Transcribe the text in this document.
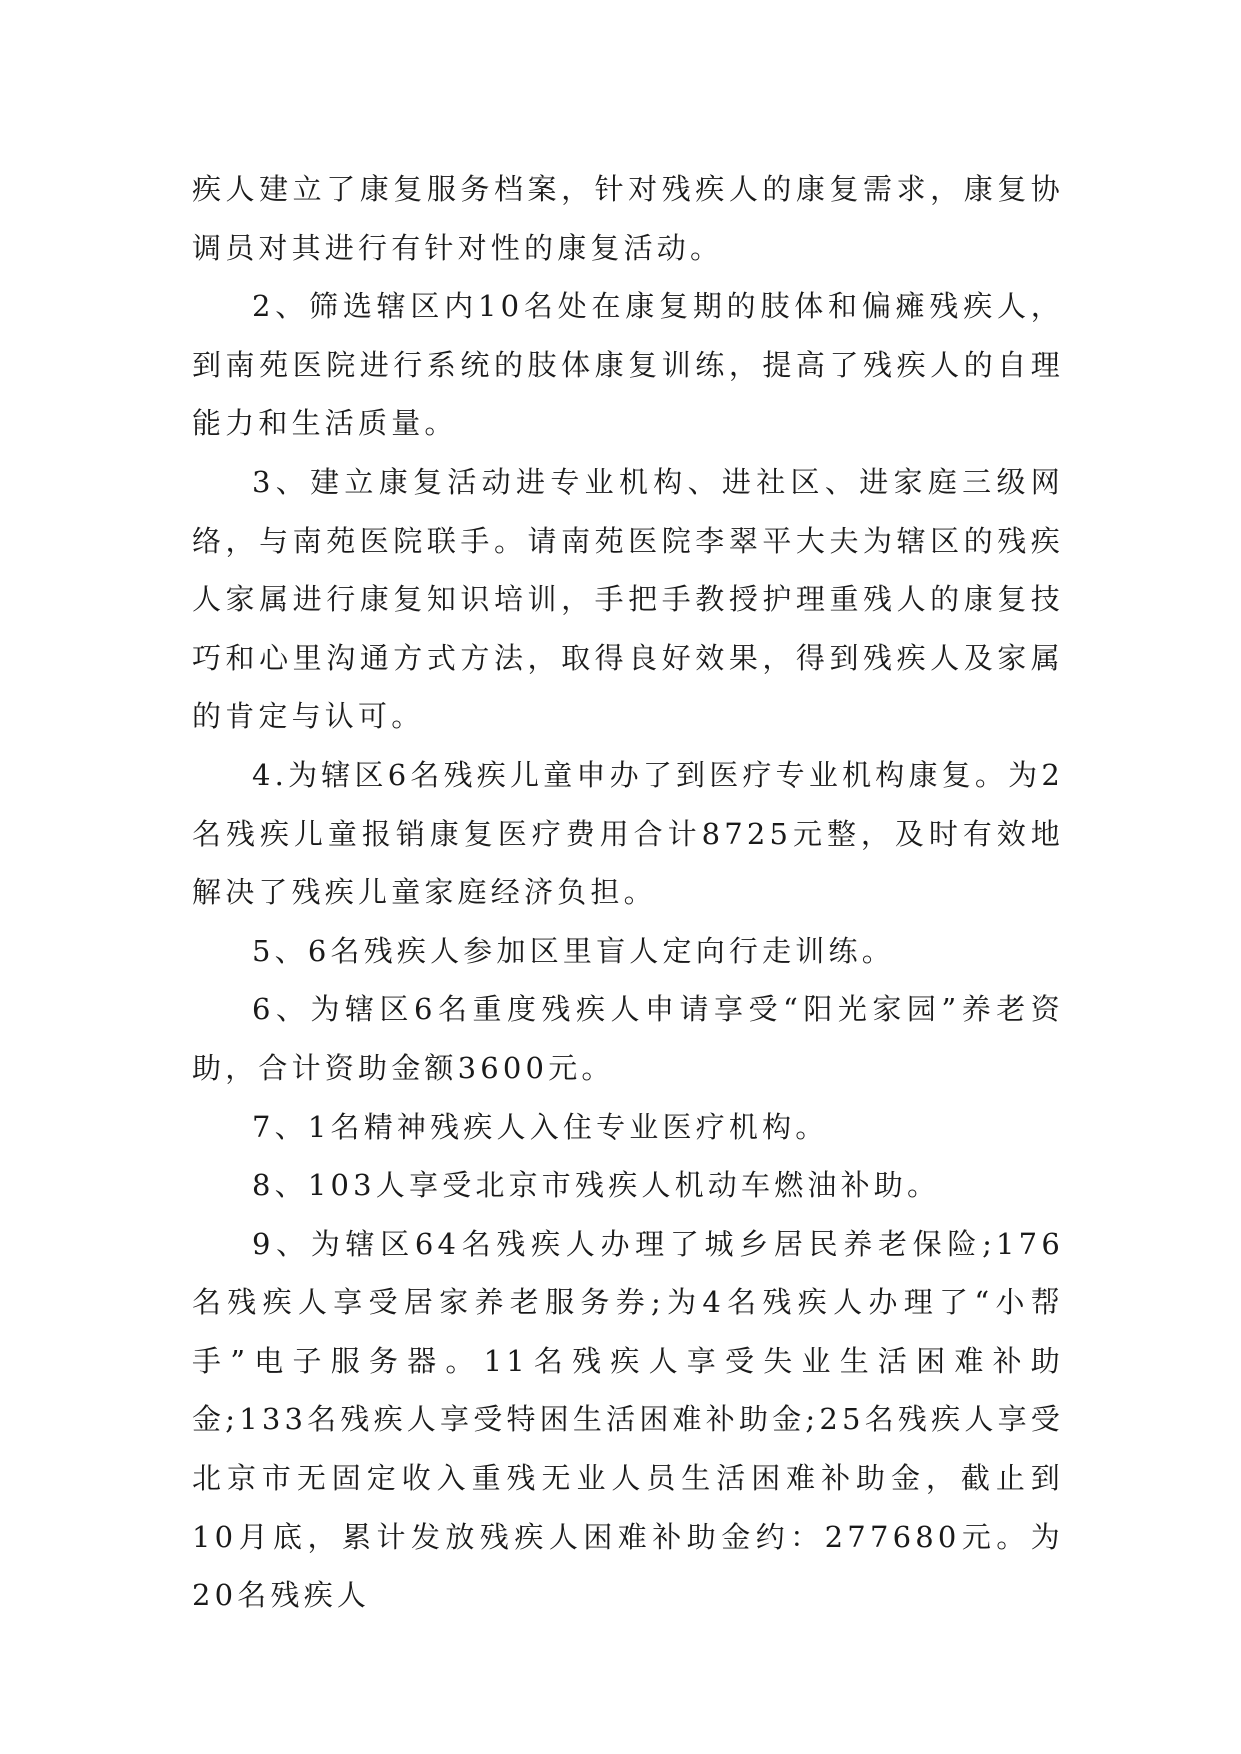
疾人建立了康复服务档案，针对残疾人的康复需求，康复协调员对其进行有针对性的康复活动。

2、筛选辖区内10名处在康复期的肢体和偏瘫残疾人，到南苑医院进行系统的肢体康复训练，提高了残疾人的自理能力和生活质量。

3、建立康复活动进专业机构、进社区、进家庭三级网络，与南苑医院联手。请南苑医院李翠平大夫为辖区的残疾人家属进行康复知识培训，手把手教授护理重残人的康复技巧和心里沟通方式方法，取得良好效果，得到残疾人及家属的肯定与认可。

4.为辖区6名残疾儿童申办了到医疗专业机构康复。为2名残疾儿童报销康复医疗费用合计8725元整，及时有效地解决了残疾儿童家庭经济负担。

5、6名残疾人参加区里盲人定向行走训练。

6、为辖区6名重度残疾人申请享受“阳光家园”养老资助，合计资助金额3600元。

7、1名精神残疾人入住专业医疗机构。

8、103人享受北京市残疾人机动车燃油补助。

9、为辖区64名残疾人办理了城乡居民养老保险;176名残疾人享受居家养老服务券;为4名残疾人办理了“小帮手”电子服务器。11名残疾人享受失业生活困难补助金;133名残疾人享受特困生活困难补助金;25名残疾人享受北京市无固定收入重残无业人员生活困难补助金，截止到10月底，累计发放残疾人困难补助金约：277680元。为20名残疾人
